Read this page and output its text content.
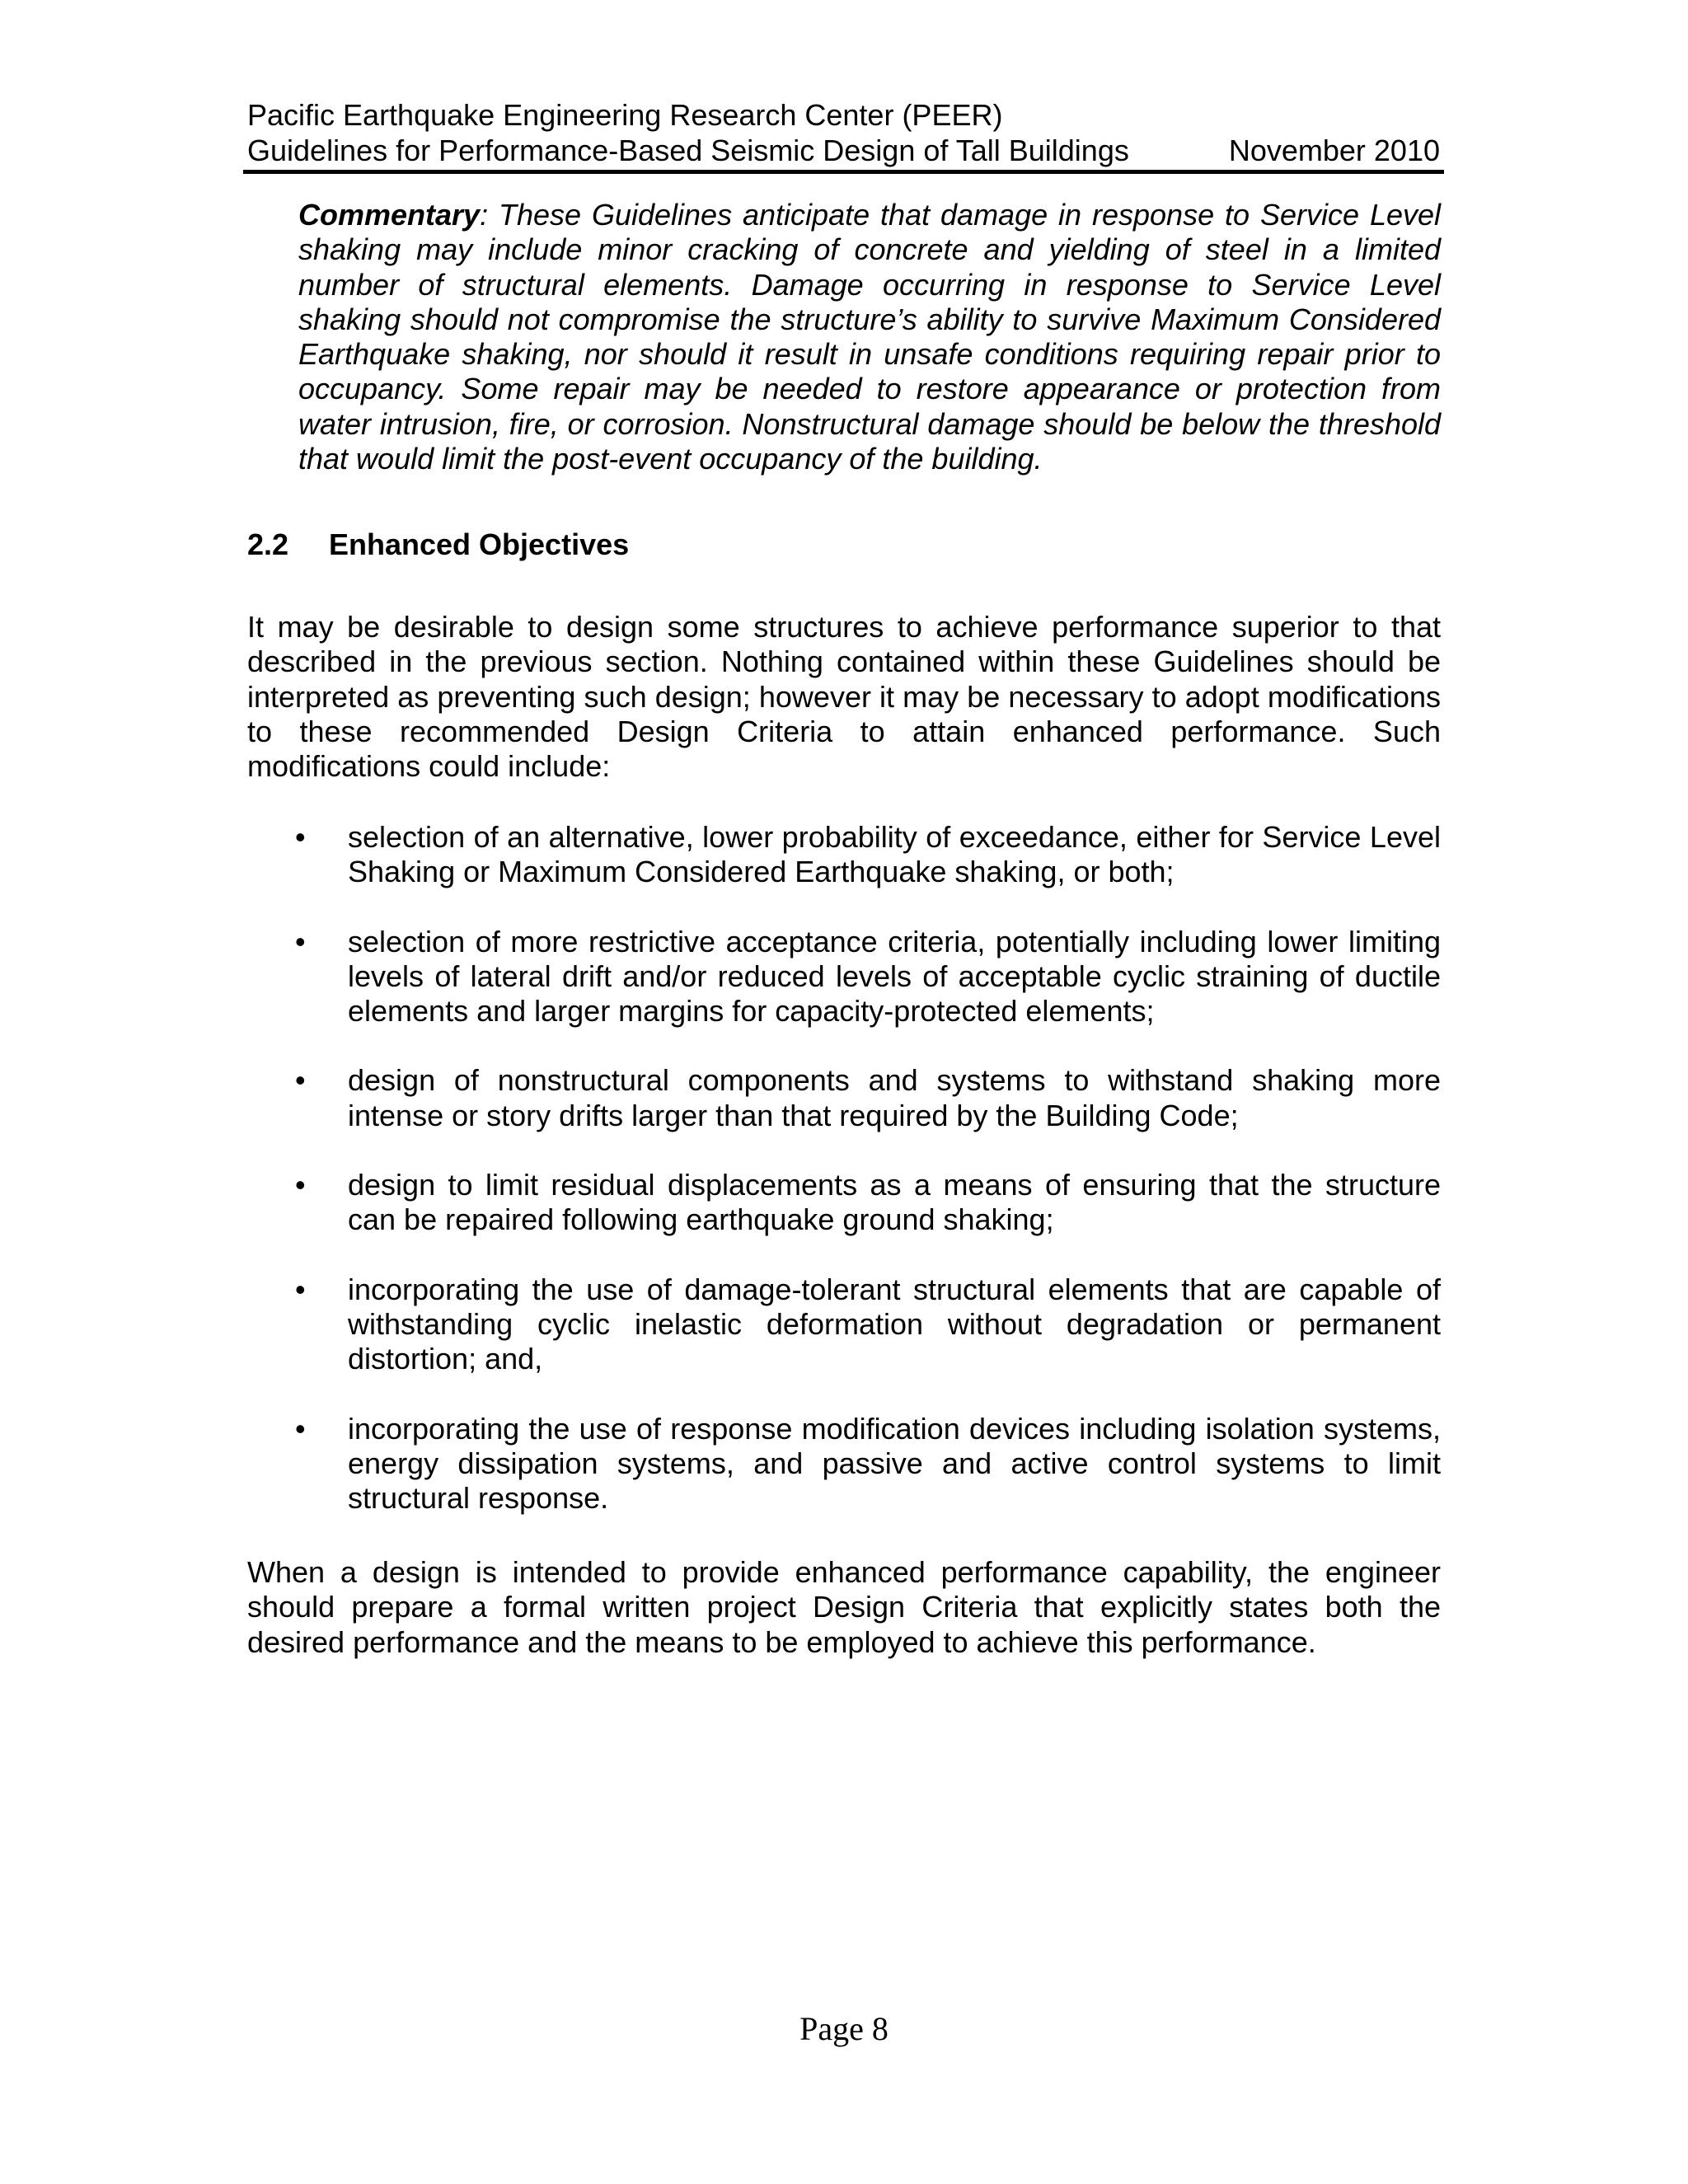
Pacific Earthquake Engineering Research Center (PEER)
Guidelines for Performance-Based Seismic Design of Tall Buildings	November 2010
Commentary: These Guidelines anticipate that damage in response to Service Level shaking may include minor cracking of concrete and yielding of steel in a limited number of structural elements. Damage occurring in response to Service Level shaking should not compromise the structure’s ability to survive Maximum Considered Earthquake shaking, nor should it result in unsafe conditions requiring repair prior to occupancy. Some repair may be needed to restore appearance or protection from water intrusion, fire, or corrosion. Nonstructural damage should be below the threshold that would limit the post-event occupancy of the building.
2.2 Enhanced Objectives
It may be desirable to design some structures to achieve performance superior to that described in the previous section. Nothing contained within these Guidelines should be interpreted as preventing such design; however it may be necessary to adopt modifications to these recommended Design Criteria to attain enhanced performance. Such modifications could include:
•	selection of an alternative, lower probability of exceedance, either for Service Level Shaking or Maximum Considered Earthquake shaking, or both;
•	selection of more restrictive acceptance criteria, potentially including lower limiting levels of lateral drift and/or reduced levels of acceptable cyclic straining of ductile elements and larger margins for capacity-protected elements;
•	design of nonstructural components and systems to withstand shaking more intense or story drifts larger than that required by the Building Code;
•	design to limit residual displacements as a means of ensuring that the structure can be repaired following earthquake ground shaking;
•	incorporating the use of damage-tolerant structural elements that are capable of withstanding cyclic inelastic deformation without degradation or permanent distortion; and,
•	incorporating the use of response modification devices including isolation systems, energy dissipation systems, and passive and active control systems to limit structural response.
When a design is intended to provide enhanced performance capability, the engineer should prepare a formal written project Design Criteria that explicitly states both the desired performance and the means to be employed to achieve this performance.
Page 8
